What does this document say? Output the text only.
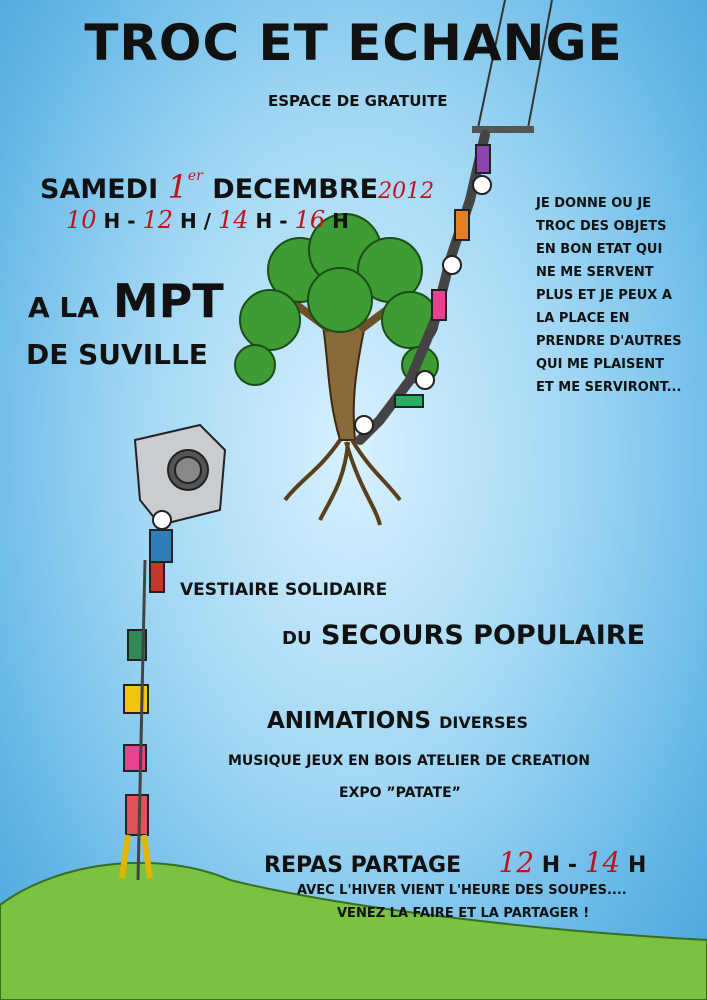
TROC ET ECHANGE
ESPACE DE GRATUITE
SAMEDI 1er DECEMBRE2012
10 H - 12 H / 14 H - 16 H
A LA MPT
DE SUVILLE
JE DONNE OU JE
TROC DES OBJETS
EN BON ETAT QUI
NE ME SERVENT
PLUS ET JE PEUX A
LA PLACE EN
PRENDRE D'AUTRES
QUI ME PLAISENT
ET ME SERVIRONT...
VESTIAIRE SOLIDAIRE
DU SECOURS POPULAIRE
ANIMATIONS DIVERSES
MUSIQUE JEUX EN BOIS ATELIER DE CREATION
EXPO ”PATATE”
REPAS PARTAGE 12 H - 14 H
AVEC L'HIVER VIENT L'HEURE DES SOUPES....
VENEZ LA FAIRE ET LA PARTAGER !
